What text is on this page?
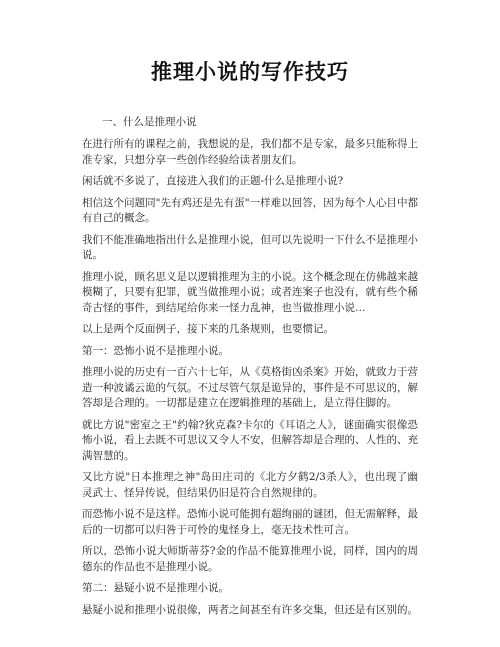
推理小说的写作技巧
一、什么是推理小说

在进行所有的课程之前，我想说的是，我们都不是专家，最多只能称得上准专家，只想分享一些创作经验给读者朋友们。

闲话就不多说了，直接进入我们的正题-什么是推理小说?

相信这个问题同"先有鸡还是先有蛋"一样难以回答，因为每个人心目中都有自己的概念。

我们不能准确地指出什么是推理小说，但可以先说明一下什么不是推理小说。

推理小说，顾名思义是以逻辑推理为主的小说。这个概念现在仿佛越来越模糊了，只要有犯罪，就当做推理小说；或者连案子也没有，就有些个稀奇古怪的事件，到结尾给你来一怪力乱神，也当做推理小说…

以上是两个反面例子，接下来的几条规则，也要惯记。

第一：恐怖小说不是推理小说。

推理小说的历史有一百六十七年，从《莫格街凶杀案》开始，就致力于营造一种波谲云诡的气氛。不过尽管气氛是诡异的，事件是不可思议的，解答却是合理的。一切都是建立在逻辑推理的基础上，是立得住脚的。

就比方说"密室之王"约翰?狄克森?卡尔的《耳语之人》，谜面确实很像恐怖小说，看上去既不可思议又令人不安，但解答却是合理的、人性的、充满智慧的。

又比方说"日本推理之神"岛田庄司的《北方夕鹤2/3杀人》，也出现了幽灵武士、怪异传说，但结果仍旧是符合自然规律的。

而恐怖小说不是这样。恐怖小说可能拥有超绚丽的谜团，但无需解释，最后的一切都可以归咎于可怜的鬼怪身上，毫无技术性可言。

所以，恐怖小说大师斯蒂芬?金的作品不能算推理小说，同样，国内的周德东的作品也不是推理小说。

第二：悬疑小说不是推理小说。

悬疑小说和推理小说很像，两者之间甚至有许多交集，但还是有区别的。
